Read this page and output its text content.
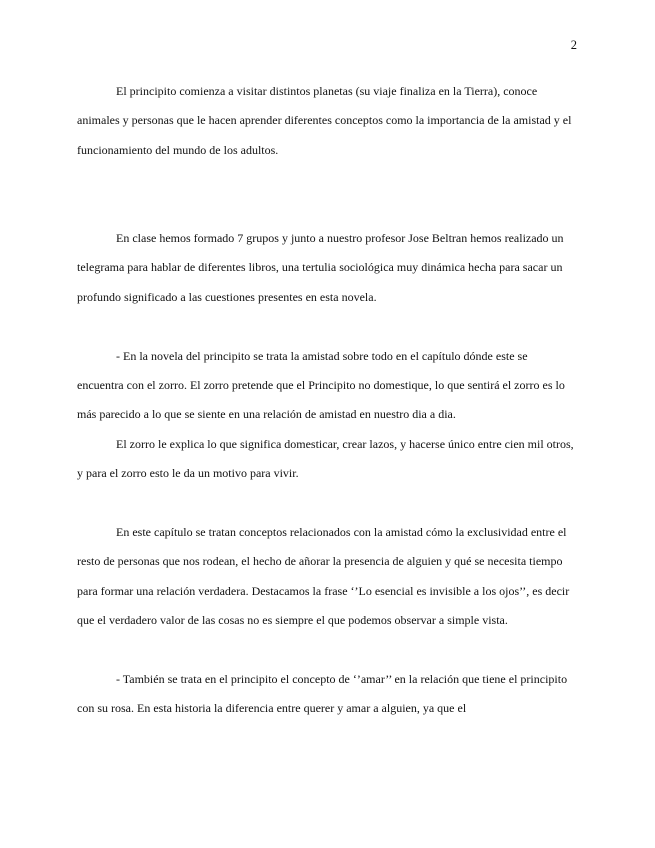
2

El principito comienza a visitar distintos planetas (su viaje finaliza en la Tierra), conoce animales y personas que le hacen aprender diferentes conceptos como la importancia de la amistad y el funcionamiento del mundo de los adultos.

En clase hemos formado 7 grupos y junto a nuestro profesor Jose Beltran hemos realizado un telegrama para hablar de diferentes libros, una tertulia sociológica muy dinámica hecha para sacar un profundo significado a las cuestiones presentes en esta novela.

- En la novela del principito se trata la amistad sobre todo en el capítulo dónde este se encuentra con el zorro. El zorro pretende que el Principito no domestique, lo que sentirá el zorro es lo más parecido a lo que se siente en una relación de amistad en nuestro dia a dia.

El zorro le explica lo que significa domesticar, crear lazos, y hacerse único entre cien mil otros, y para el zorro esto le da un motivo para vivir.

En este capítulo se tratan conceptos relacionados con la amistad cómo la exclusividad entre el resto de personas que nos rodean, el hecho de añorar la presencia de alguien y qué se necesita tiempo para formar una relación verdadera. Destacamos la frase ‘’Lo esencial es invisible a los ojos’’, es decir que el verdadero valor de las cosas no es siempre el que podemos observar a simple vista.

- También se trata en el principito el concepto de ‘’amar’’ en la relación que tiene el principito con su rosa. En esta historia la diferencia entre querer y amar a alguien, ya que el
